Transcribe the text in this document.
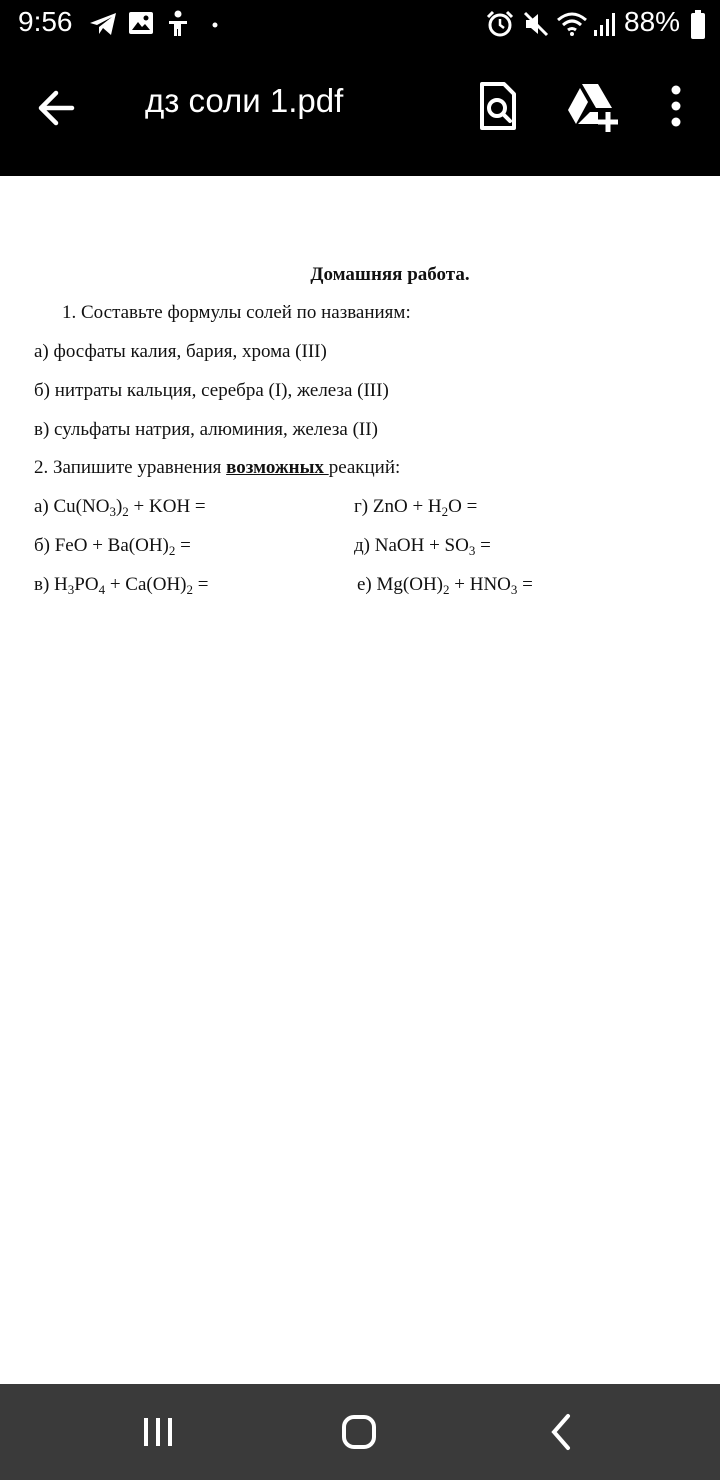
9:56	88%
дз соли 1.pdf
Домашняя работа.
1. Составьте формулы солей по названиям:
а) фосфаты калия, бария, хрома (III)
б) нитраты кальция, серебра (I), железа (III)
в) сульфаты натрия, алюминия, железа (II)
2. Запишите уравнения возможных реакций:
а) $Cu(NO_3)_2$ + KOH =	г) ZnO + $H_2O$ =
б) FeO + $Ba(OH)_2$ =	д) NaOH + $SO_3$ =
в) $H_3PO_4 + Ca(OH)_2$ =	е) $Mg(OH)_2 + HNO_3$ =
